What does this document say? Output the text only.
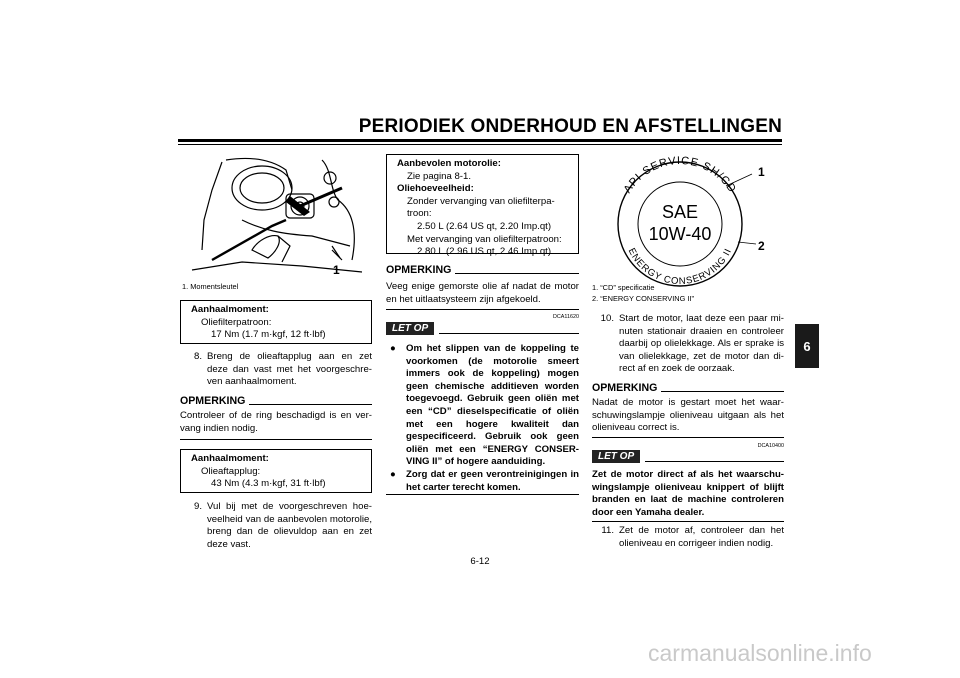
PERIODIEK ONDERHOUD EN AFSTELLINGEN
6
1
1. Momentsleutel
Aanhaalmoment:
Oliefilterpatroon:
17 Nm (1.7 m·kgf, 12 ft·lbf)
8. Breng de olieaftapplug aan en zet deze dan vast met het voorgeschre- ven aanhaalmoment.
OPMERKING
Controleer of de ring beschadigd is en ver- vang indien nodig.
Aanhaalmoment:
Olieaftapplug:
43 Nm (4.3 m·kgf, 31 ft·lbf)
9. Vul bij met de voorgeschreven hoe- veelheid van de aanbevolen motorolie, breng dan de olievuldop aan en zet deze vast.
Aanbevolen motorolie:
Zie pagina 8-1.
Oliehoeveelheid:
Zonder vervanging van oliefilterpa- troon:
2.50 L (2.64 US qt, 2.20 Imp.qt)
Met vervanging van oliefilterpatroon:
2.80 L (2.96 US qt, 2.46 Imp.qt)
OPMERKING
Veeg enige gemorste olie af nadat de motor en het uitlaatsysteem zijn afgekoeld.
DCA11620
LET OP
●	Om het slippen van de koppeling te voorkomen (de motorolie smeert immers ook de koppeling) mogen geen chemische additieven worden toegevoegd. Gebruik geen oliën met een “CD” dieselspecificatie of oliën met een hogere kwaliteit dan gespecificeerd. Gebruik ook geen oliën met een “ENERGY CONSER- VING II” of hogere aanduiding.
●	Zorg dat er geen verontreinigingen in het carter terecht komen.
API SERVICE SH/CD
ENERGY CONSERVING II
SAE
10W-40
1
2
1. “CD” specificatie
2. “ENERGY CONSERVING II”
10. Start de motor, laat deze een paar mi- nuten stationair draaien en controleer daarbij op olielekkage. Als er sprake is van olielekkage, zet de motor dan di- rect af en zoek de oorzaak.
OPMERKING
Nadat de motor is gestart moet het waar- schuwingslampje olieniveau uitgaan als het olieniveau correct is.
DCA10400
LET OP
Zet de motor direct af als het waarschu- wingslampje olieniveau knippert of blijft branden en laat de machine controleren door een Yamaha dealer.
11. Zet de motor af, controleer dan het olieniveau en corrigeer indien nodig.
6-12
carmanualsonline.info
